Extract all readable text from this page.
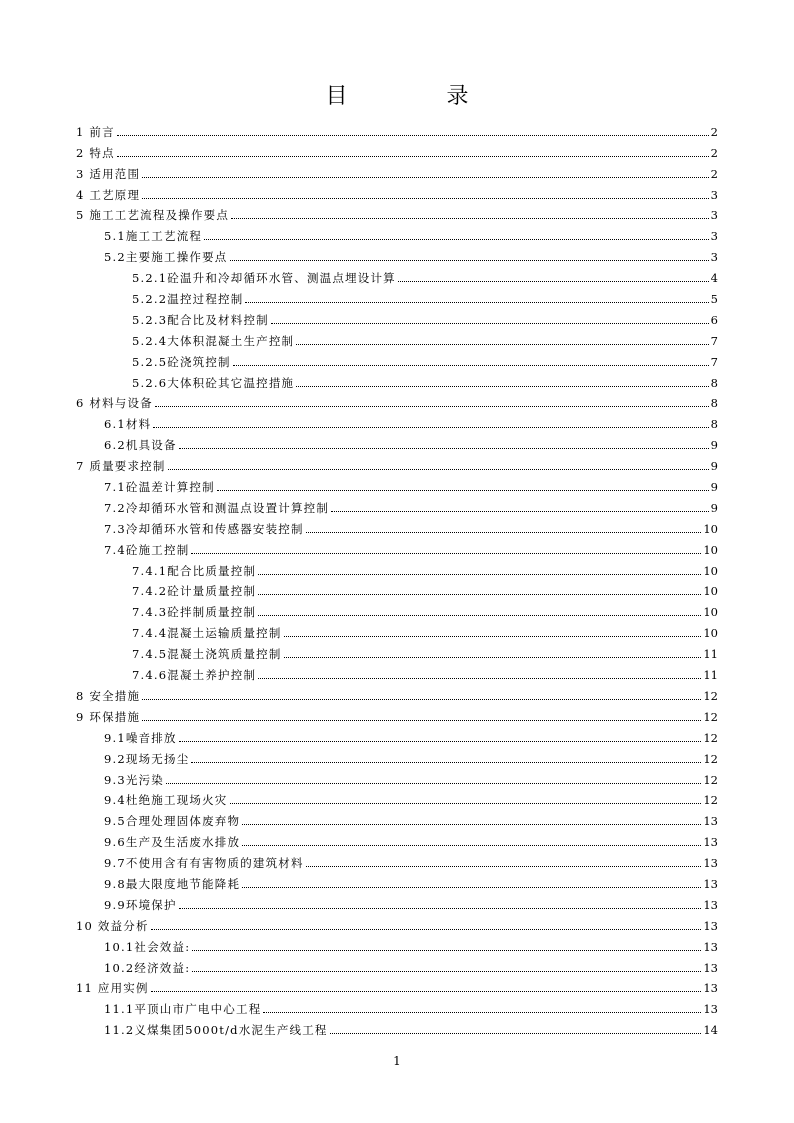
目 录
1 前言	2
2 特点	2
3 适用范围	2
4 工艺原理	3
5 施工工艺流程及操作要点	3
5.1施工工艺流程	3
5.2主要施工操作要点	3
5.2.1砼温升和冷却循环水管、测温点埋设计算	4
5.2.2温控过程控制	5
5.2.3配合比及材料控制	6
5.2.4大体积混凝土生产控制	7
5.2.5砼浇筑控制	7
5.2.6大体积砼其它温控措施	8
6 材料与设备	8
6.1材料	8
6.2机具设备	9
7 质量要求控制	9
7.1砼温差计算控制	9
7.2冷却循环水管和测温点设置计算控制	9
7.3冷却循环水管和传感器安装控制	10
7.4砼施工控制	10
7.4.1配合比质量控制	10
7.4.2砼计量质量控制	10
7.4.3砼拌制质量控制	10
7.4.4混凝土运输质量控制	10
7.4.5混凝土浇筑质量控制	11
7.4.6混凝土养护控制	11
8 安全措施	12
9 环保措施	12
9.1噪音排放	12
9.2现场无扬尘	12
9.3光污染	12
9.4杜绝施工现场火灾	12
9.5合理处理固体废弃物	13
9.6生产及生活废水排放	13
9.7不使用含有有害物质的建筑材料	13
9.8最大限度地节能降耗	13
9.9环境保护	13
10 效益分析	13
10.1社会效益:	13
10.2经济效益:	13
11 应用实例	13
11.1平顶山市广电中心工程	13
11.2义煤集团5000t/d水泥生产线工程	14
1
